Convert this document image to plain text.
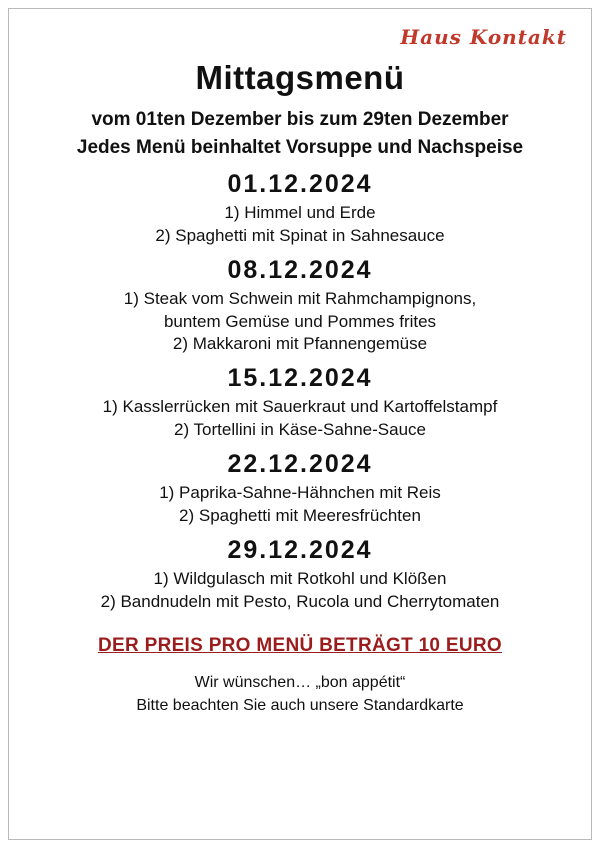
Haus Kontakt
Mittagsmenü
vom 01ten Dezember bis zum 29ten Dezember
Jedes Menü beinhaltet Vorsuppe und Nachspeise
01.12.2024
1) Himmel und Erde
2) Spaghetti mit Spinat in Sahnesauce
08.12.2024
1) Steak vom Schwein mit Rahmchampignons,
buntem Gemüse und Pommes frites
2) Makkaroni mit Pfannengemüse
15.12.2024
1) Kasslerrücken mit Sauerkraut und Kartoffelstampf
2) Tortellini in Käse-Sahne-Sauce
22.12.2024
1) Paprika-Sahne-Hähnchen mit Reis
2) Spaghetti mit Meeresfrüchten
29.12.2024
1) Wildgulasch mit Rotkohl und Klößen
2) Bandnudeln mit Pesto, Rucola und Cherrytomaten
DER PREIS PRO MENÜ BETRÄGT 10 EURO
Wir wünschen… „bon appétit“
Bitte beachten Sie auch unsere Standardkarte
